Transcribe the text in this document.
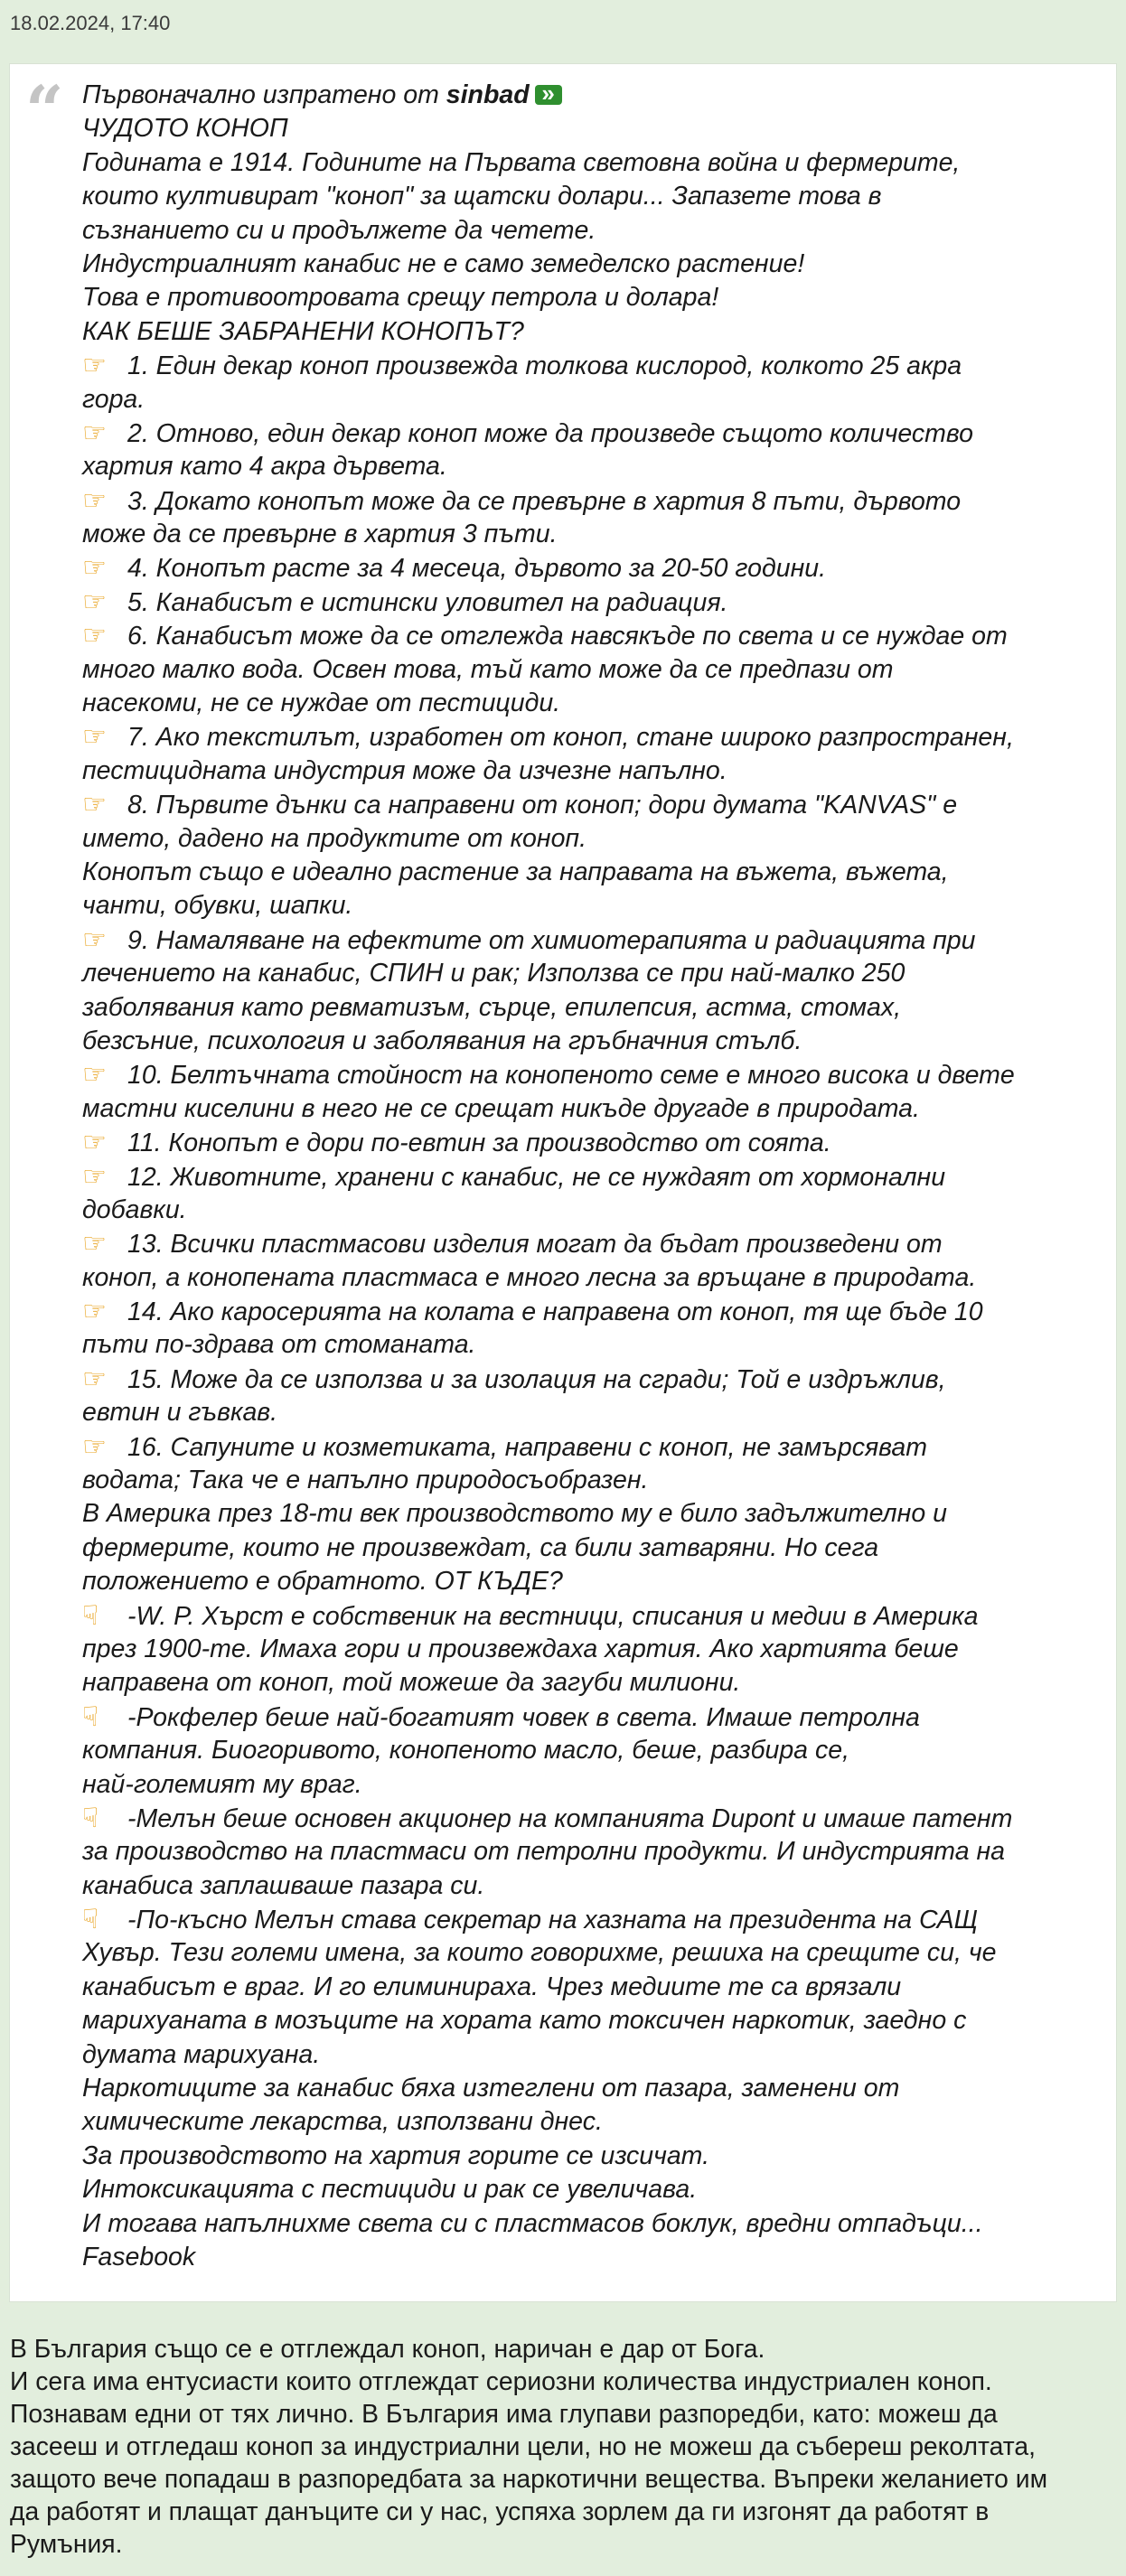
18.02.2024, 17:40
“ Първоначално изпратено от sinbad»
ЧУДОТО КОНОП
Годината е 1914. Годините на Първата световна война и фермерите,
които култивират "коноп" за щатски долари... Запазете това в
съзнанието си и продължете да четете.
Индустриалният канабис не е само земеделско растение!
Това е противоотровата срещу петрола и долара!
КАК БЕШЕ ЗАБРАНЕНИ КОНОПЪТ?
☞ 1. Един декар коноп произвежда толкова кислород, колкото 25 акра
гора.
☞ 2. Отново, един декар коноп може да произведе същото количество
хартия като 4 акра дървета.
☞ 3. Докато конопът може да се превърне в хартия 8 пъти, дървото
може да се превърне в хартия 3 пъти.
☞ 4. Конопът расте за 4 месеца, дървото за 20-50 години.
☞ 5. Канабисът е истински уловител на радиация.
☞ 6. Канабисът може да се отглежда навсякъде по света и се нуждае от
много малко вода. Освен това, тъй като може да се предпази от
насекоми, не се нуждае от пестициди.
☞ 7. Ако текстилът, изработен от коноп, стане широко разпространен,
пестицидната индустрия може да изчезне напълно.
☞ 8. Първите дънки са направени от коноп; дори думата "KANVAS" е
името, дадено на продуктите от коноп.
Конопът също е идеално растение за направата на въжета, въжета,
чанти, обувки, шапки.
☞ 9. Намаляване на ефектите от химиотерапията и радиацията при
лечението на канабис, СПИН и рак; Използва се при най-малко 250
заболявания като ревматизъм, сърце, епилепсия, астма, стомах,
безсъние, психология и заболявания на гръбначния стълб.
☞ 10. Белтъчната стойност на конопеното семе е много висока и двете
мастни киселини в него не се срещат никъде другаде в природата.
☞ 11. Конопът е дори по-евтин за производство от соята.
☞ 12. Животните, хранени с канабис, не се нуждаят от хормонални
добавки.
☞ 13. Всички пластмасови изделия могат да бъдат произведени от
коноп, а конопената пластмаса е много лесна за връщане в природата.
☞ 14. Ако каросерията на колата е направена от коноп, тя ще бъде 10
пъти по-здрава от стоманата.
☞ 15. Може да се използва и за изолация на сгради; Той е издръжлив,
евтин и гъвкав.
☞ 16. Сапуните и козметиката, направени с коноп, не замърсяват
водата; Така че е напълно природосъобразен.
В Америка през 18-ти век производството му е било задължително и
фермерите, които не произвеждат, са били затваряни. Но сега
положението е обратното. ОТ КЪДЕ?
☟ -W. P. Хърст е собственик на вестници, списания и медии в Америка
през 1900-те. Имаха гори и произвеждаха хартия. Ако хартията беше
направена от коноп, той можеше да загуби милиони.
☟ -Рокфелер беше най-богатият човек в света. Имаше петролна
компания. Биогоривото, конопеното масло, беше, разбира се,
най-големият му враг.
☟ -Мелън беше основен акционер на компанията Dupont и имаше патент
за производство на пластмаси от петролни продукти. И индустрията на
канабиса заплашваше пазара си.
☟ -По-късно Мелън става секретар на хазната на президента на САЩ
Хувър. Тези големи имена, за които говорихме, решиха на срещите си, че
канабисът е враг. И го елиминираха. Чрез медиите те са врязали
марихуаната в мозъците на хората като токсичен наркотик, заедно с
думата марихуана.
Наркотиците за канабис бяха изтеглени от пазара, заменени от
химическите лекарства, използвани днес.
За производството на хартия горите се изсичат.
Интоксикацията с пестициди и рак се увеличава.
И тогава напълнихме света си с пластмасов боклук, вредни отпадъци...
Fasebook
В България също се е отглеждал коноп, наричан е дар от Бога.
И сега има ентусиасти които отглеждат сериозни количества индустриален коноп.
Познавам едни от тях лично. В България има глупави разпоредби, като: можеш да
засееш и отгледаш коноп за индустриални цели, но не можеш да събереш реколтата,
защото вече попадаш в разпоредбата за наркотични вещества. Въпреки желанието им
да работят и плащат данъците си у нас, успяха зорлем да ги изгонят да работят в
Румъния.
